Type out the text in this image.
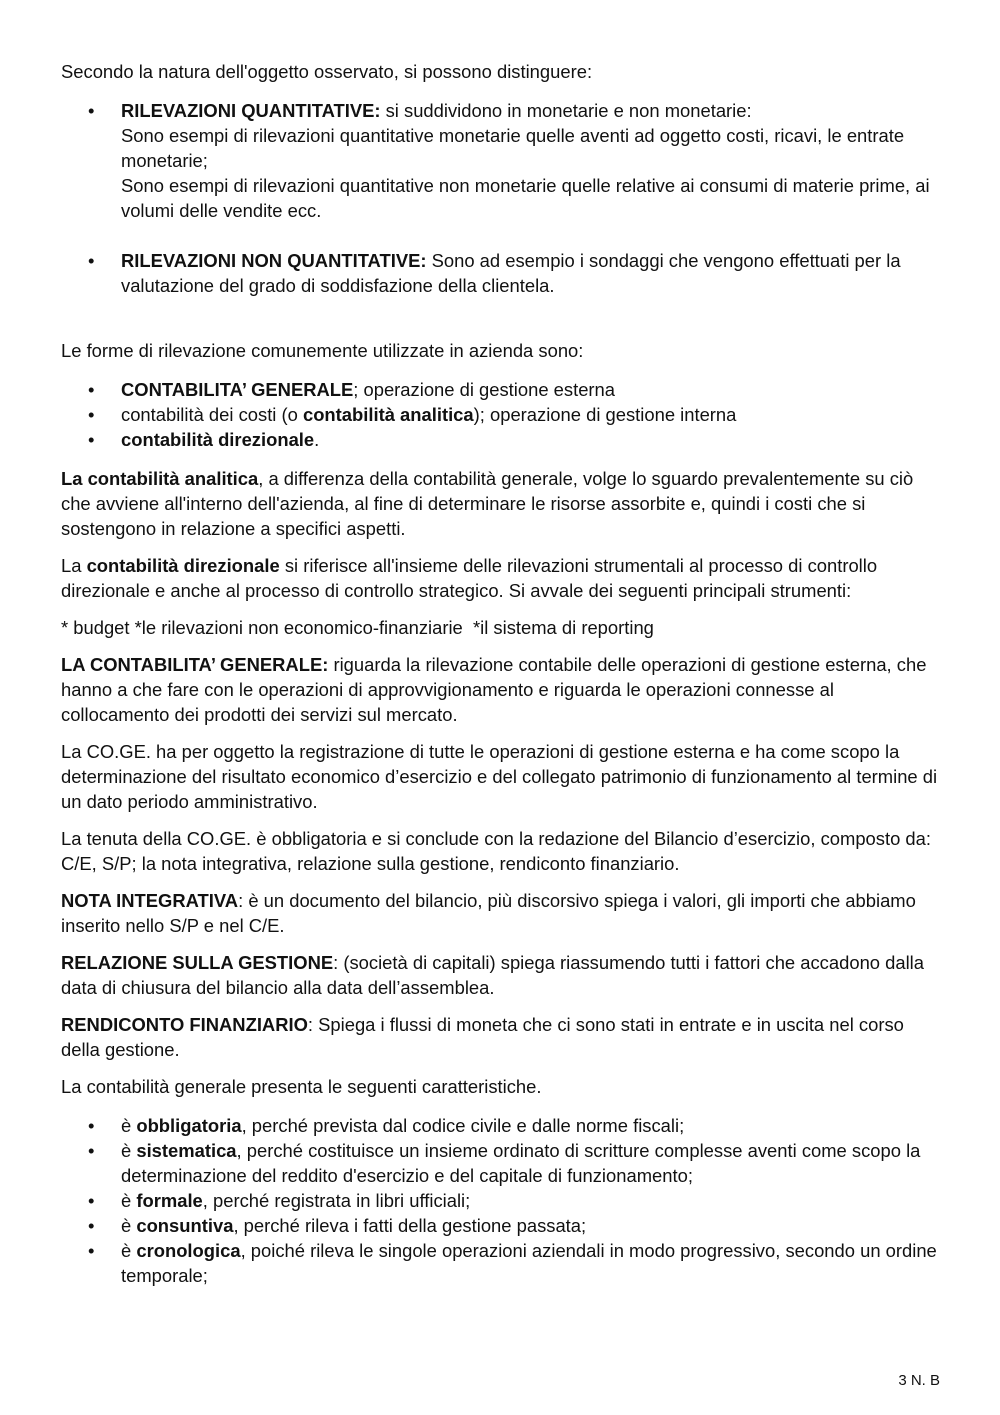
Secondo la natura dell'oggetto osservato, si possono distinguere:

• RILEVAZIONI QUANTITATIVE: si suddividono in monetarie e non monetarie:
Sono esempi di rilevazioni quantitative monetarie quelle aventi ad oggetto costi, ricavi, le entrate monetarie;
Sono esempi di rilevazioni quantitative non monetarie quelle relative ai consumi di materie prime, ai volumi delle vendite ecc.
• RILEVAZIONI NON QUANTITATIVE: Sono ad esempio i sondaggi che vengono effettuati per la valutazione del grado di soddisfazione della clientela.

Le forme di rilevazione comunemente utilizzate in azienda sono:

• CONTABILITA’ GENERALE; operazione di gestione esterna
• contabilità dei costi (o contabilità analitica); operazione di gestione interna
• contabilità direzionale.

La contabilità analitica, a differenza della contabilità generale, volge lo sguardo prevalentemente su ciò che avviene all'interno dell'azienda, al fine di determinare le risorse assorbite e, quindi i costi che si sostengono in relazione a specifici aspetti.

La contabilità direzionale si riferisce all'insieme delle rilevazioni strumentali al processo di controllo direzionale e anche al processo di controllo strategico. Si avvale dei seguenti principali strumenti:

* budget *le rilevazioni non economico-finanziarie  *il sistema di reporting

LA CONTABILITA’ GENERALE: riguarda la rilevazione contabile delle operazioni di gestione esterna, che hanno a che fare con le operazioni di approvvigionamento e riguarda le operazioni connesse al collocamento dei prodotti dei servizi sul mercato.

La CO.GE. ha per oggetto la registrazione di tutte le operazioni di gestione esterna e ha come scopo la determinazione del risultato economico d’esercizio e del collegato patrimonio di funzionamento al termine di un dato periodo amministrativo.

La tenuta della CO.GE. è obbligatoria e si conclude con la redazione del Bilancio d’esercizio, composto da: C/E, S/P; la nota integrativa, relazione sulla gestione, rendiconto finanziario.

NOTA INTEGRATIVA: è un documento del bilancio, più discorsivo spiega i valori, gli importi che abbiamo inserito nello S/P e nel C/E.

RELAZIONE SULLA GESTIONE: (società di capitali) spiega riassumendo tutti i fattori che accadono dalla data di chiusura del bilancio alla data dell’assemblea.

RENDICONTO FINANZIARIO: Spiega i flussi di moneta che ci sono stati in entrate e in uscita nel corso della gestione.

La contabilità generale presenta le seguenti caratteristiche.

• è obbligatoria, perché prevista dal codice civile e dalle norme fiscali;
• è sistematica, perché costituisce un insieme ordinato di scritture complesse aventi come scopo la determinazione del reddito d'esercizio e del capitale di funzionamento;
• è formale, perché registrata in libri ufficiali;
• è consuntiva, perché rileva i fatti della gestione passata;
• è cronologica, poiché rileva le singole operazioni aziendali in modo progressivo, secondo un ordine temporale;
3 N. B
